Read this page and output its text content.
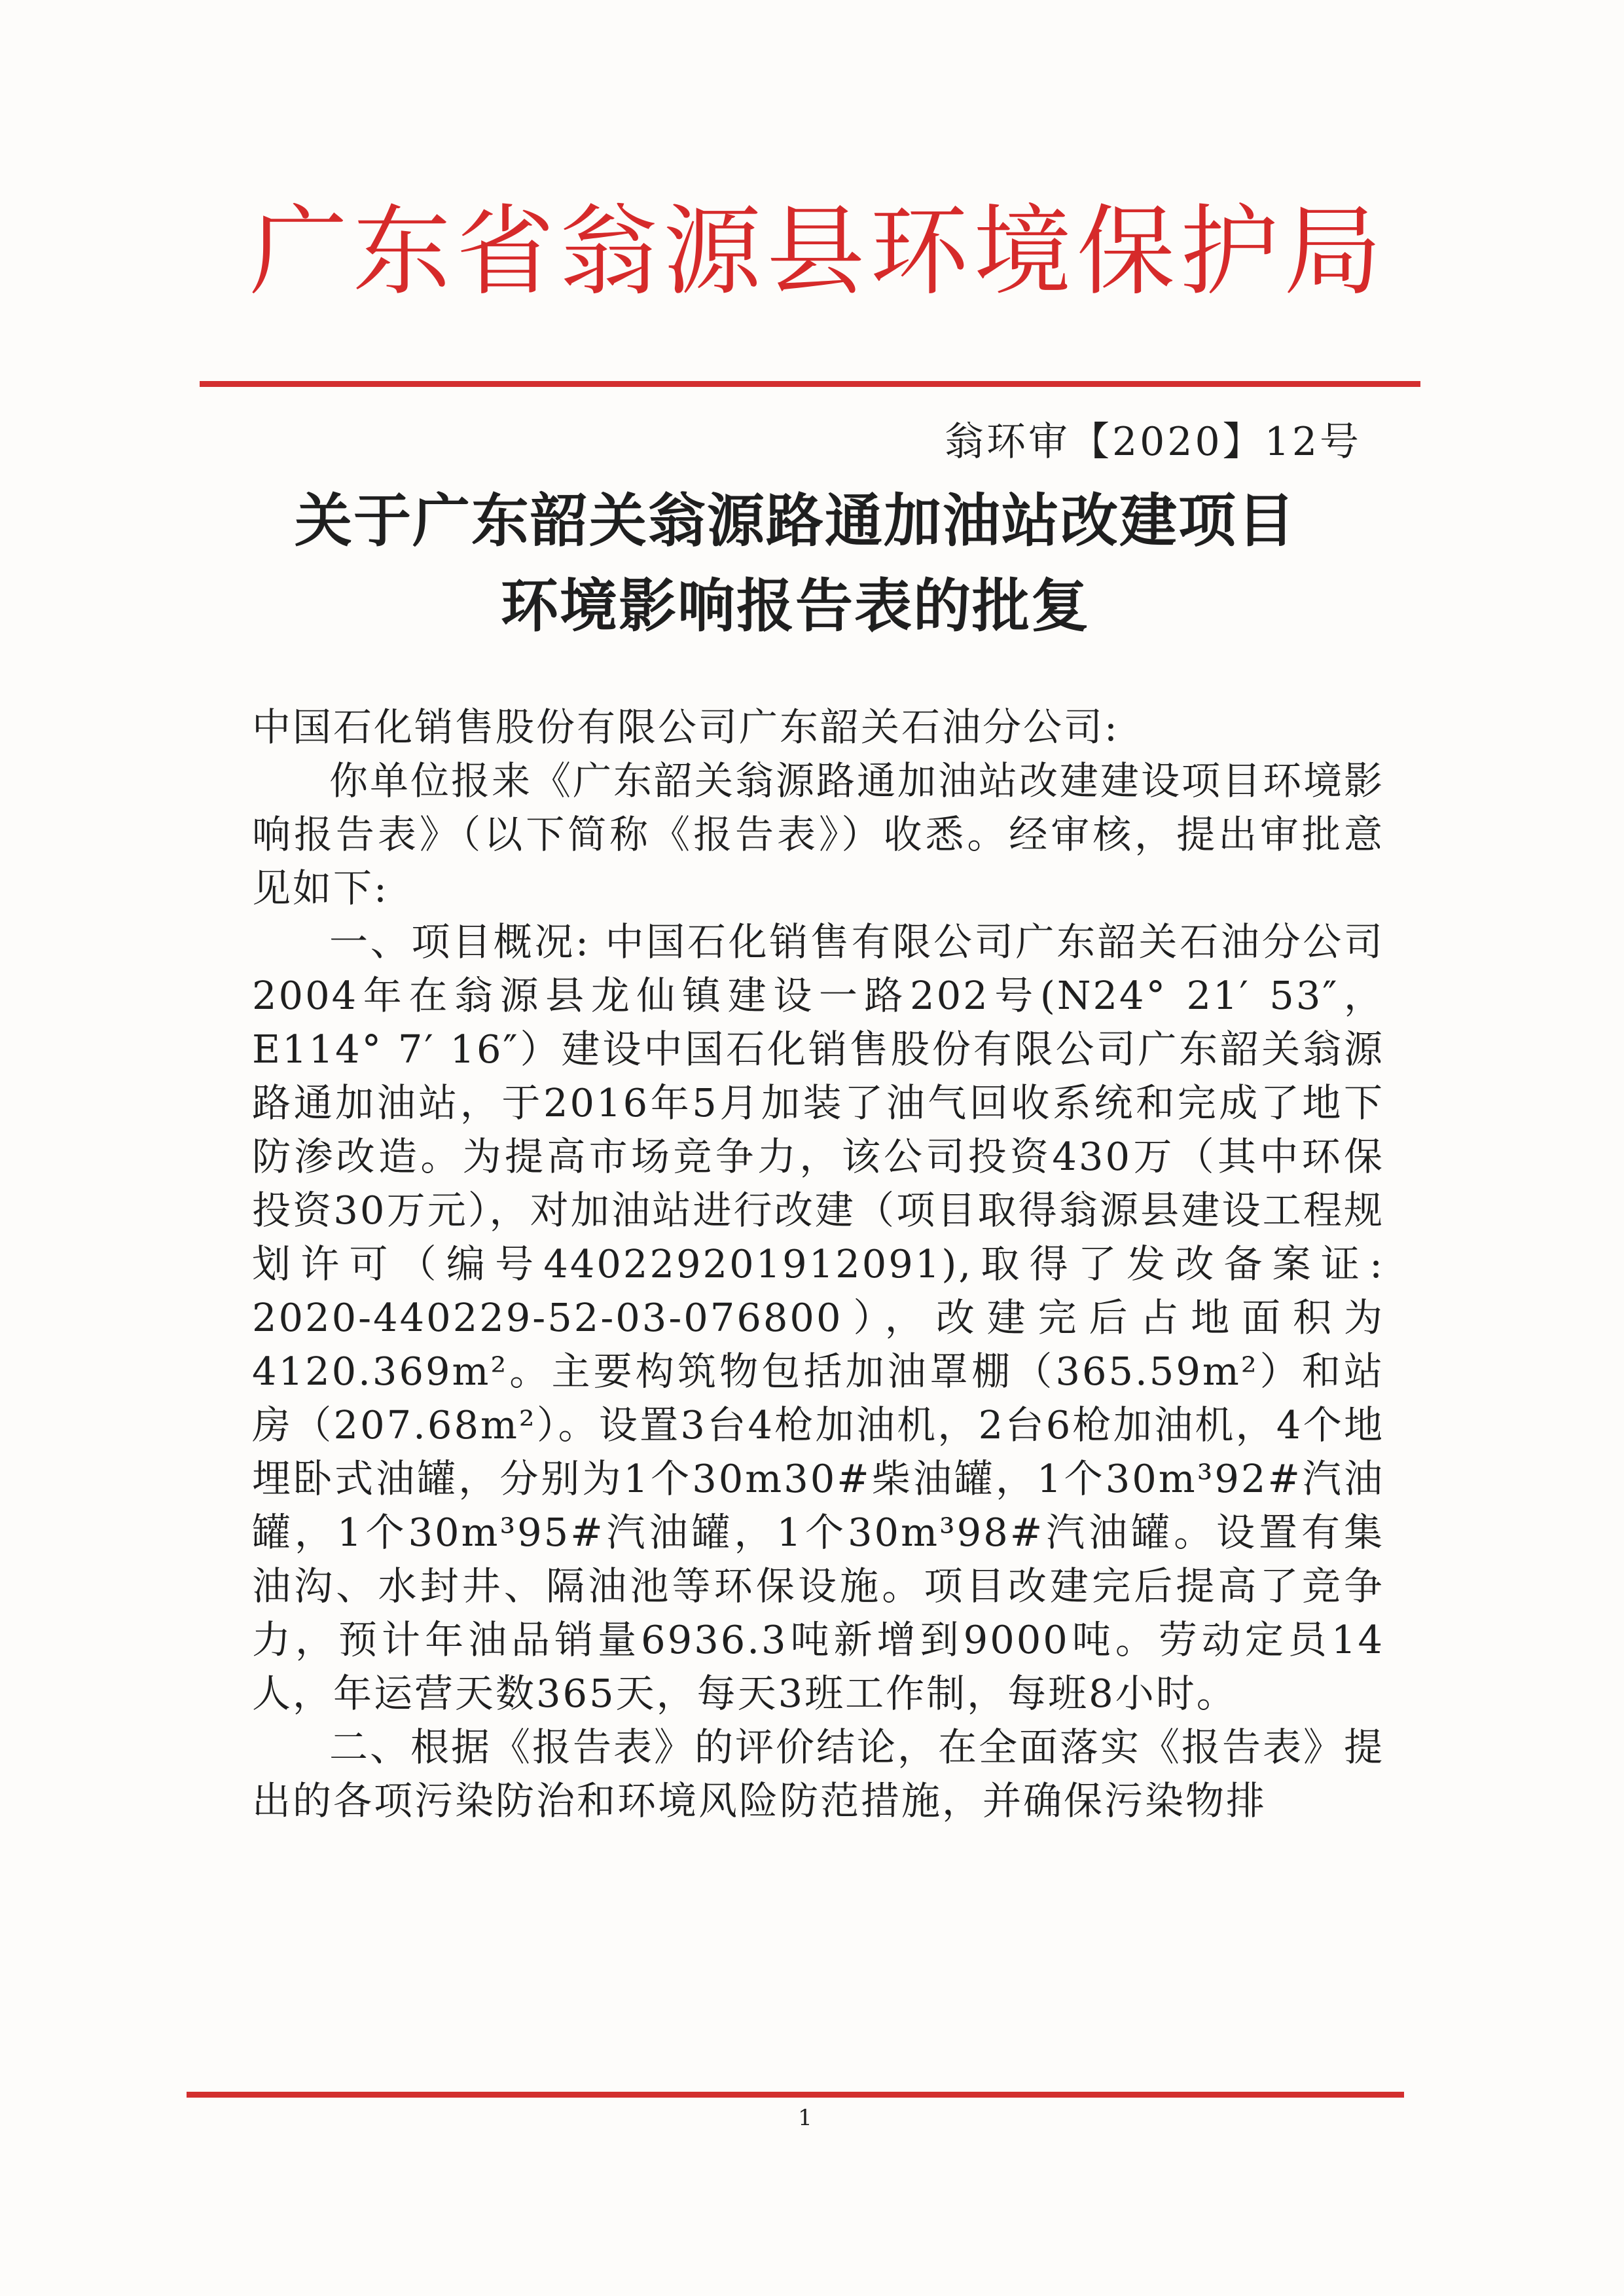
广东省翁源县环境保护局
翁环审【2020】12号
关于广东韶关翁源路通加油站改建项目
环境影响报告表的批复

中国石化销售股份有限公司广东韶关石油分公司:

你单位报来《广东韶关翁源路通加油站改建建设项目环境影响报告表》（以下简称《报告表》）收悉。经审核，提出审批意见如下:

一、项目概况: 中国石化销售有限公司广东韶关石油分公司2004年在翁源县龙仙镇建设一路202号(N24° 21′ 53″，E114° 7′ 16″）建设中国石化销售股份有限公司广东韶关翁源路通加油站，于2016年5月加装了油气回收系统和完成了地下防渗改造。为提高市场竞争力，该公司投资430万（其中环保投资30万元），对加油站进行改建（项目取得翁源县建设工程规划许可（编号440229201912091),取得了发改备案证: 2020-440229-52-03-076800），改建完后占地面积为4120.369m²。主要构筑物包括加油罩棚（365.59m²）和站房（207.68m²）。设置3台4枪加油机，2台6枪加油机，4个地埋卧式油罐，分别为1个30m30#柴油罐，1个30m³92#汽油罐，1个30m³95#汽油罐，1个30m³98#汽油罐。设置有集油沟、水封井、隔油池等环保设施。项目改建完后提高了竞争力，预计年油品销量6936.3吨新增到9000吨。劳动定员14人，年运营天数365天，每天3班工作制，每班8小时。

二、根据《报告表》的评价结论，在全面落实《报告表》提出的各项污染防治和环境风险防范措施，并确保污染物排

1
